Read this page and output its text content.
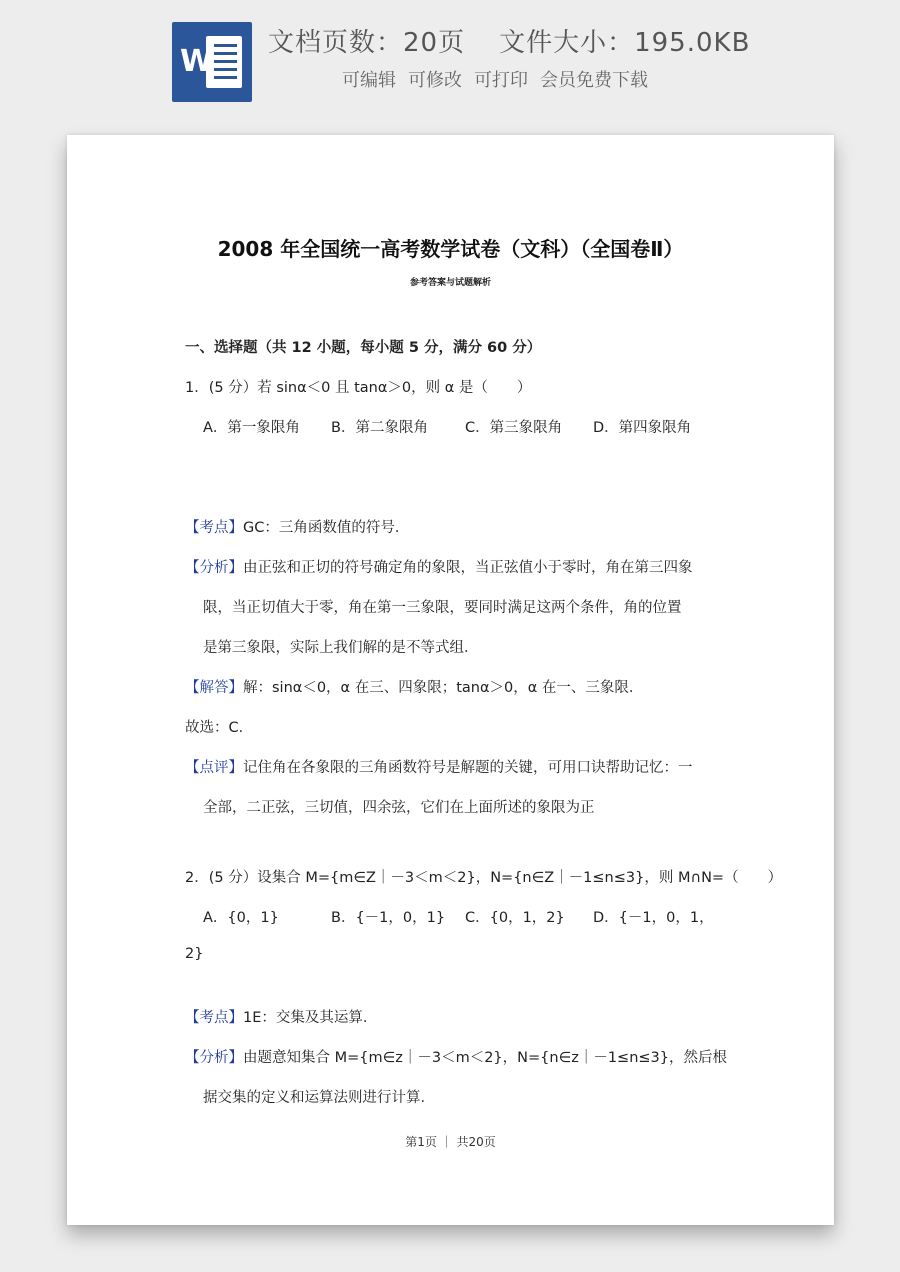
W
文档页数：20页 文件大小：195.0KB
可编辑 可修改 可打印 会员免费下载
2008 年全国统一高考数学试卷（文科）（全国卷Ⅱ）
参考答案与试题解析
一、选择题（共 12 小题，每小题 5 分，满分 60 分）
1．(5 分）若 sinα＜0 且 tanα＞0，则 α 是（　　）
A．第一象限角 B．第二象限角	C．第三象限角 D．第四象限角
【考点】GC：三角函数值的符号．
【分析】由正弦和正切的符号确定角的象限，当正弦值小于零时，角在第三四象
限，当正切值大于零，角在第一三象限，要同时满足这两个条件，角的位置
是第三象限，实际上我们解的是不等式组．
【解答】解：sinα＜0，α 在三、四象限；tanα＞0，α 在一、三象限．
故选：C．
【点评】记住角在各象限的三角函数符号是解题的关键，可用口诀帮助记忆：一
全部，二正弦，三切值，四余弦，它们在上面所述的象限为正
2．(5 分）设集合 M={m∈Z｜－3＜m＜2}，N={n∈Z｜－1≤n≤3}，则 M∩N=（　　）
A．{0，1}	B．{－1，0，1} C．{0，1，2} D．{－1，0，1，
2}
【考点】1E：交集及其运算．
【分析】由题意知集合 M={m∈z｜－3＜m＜2}，N={n∈z｜－1≤n≤3}，然后根
据交集的定义和运算法则进行计算．
第1页 ｜ 共20页
